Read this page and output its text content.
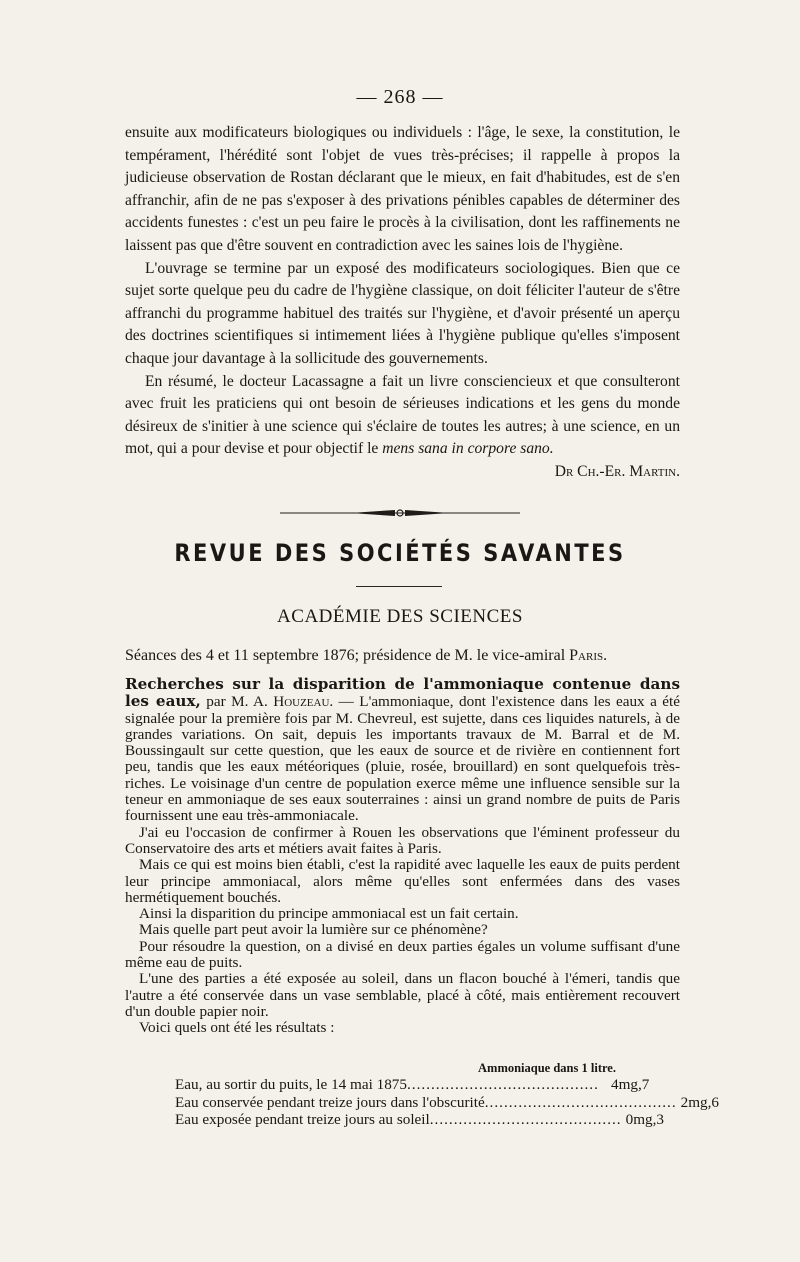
— 268 —

ensuite aux modificateurs biologiques ou individuels : l'âge, le sexe, la constitution, le tempérament, l'hérédité sont l'objet de vues très-précises; il rappelle à propos la judicieuse observation de Rostan déclarant que le mieux, en fait d'habitudes, est de s'en affranchir, afin de ne pas s'exposer à des privations pénibles capables de déterminer des accidents funestes : c'est un peu faire le procès à la civilisation, dont les raffinements ne laissent pas que d'être souvent en contradiction avec les saines lois de l'hygiène.

L'ouvrage se termine par un exposé des modificateurs sociologiques. Bien que ce sujet sorte quelque peu du cadre de l'hygiène classique, on doit féliciter l'auteur de s'être affranchi du programme habituel des traités sur l'hygiène, et d'avoir présenté un aperçu des doctrines scientifiques si intimement liées à l'hygiène publique qu'elles s'imposent chaque jour davantage à la sollicitude des gouvernements.

En résumé, le docteur Lacassagne a fait un livre consciencieux et que consulteront avec fruit les praticiens qui ont besoin de sérieuses indications et les gens du monde désireux de s'initier à une science qui s'éclaire de toutes les autres; à une science, en un mot, qui a pour devise et pour objectif le mens sana in corpore sano.
Dr Ch.-Er. Martin.

REVUE DES SOCIÉTÉS SAVANTES
ACADÉMIE DES SCIENCES
Séances des 4 et 11 septembre 1876; présidence de M. le vice-amiral Paris.

Recherches sur la disparition de l'ammoniaque contenue dans les eaux, par M. A. Houzeau. — L'ammoniaque, dont l'existence dans les eaux a été signalée pour la première fois par M. Chevreul, est sujette, dans ces liquides naturels, à de grandes variations. On sait, depuis les importants travaux de M. Barral et de M. Boussingault sur cette question, que les eaux de source et de rivière en contiennent fort peu, tandis que les eaux météoriques (pluie, rosée, brouillard) en sont quelquefois très-riches. Le voisinage d'un centre de population exerce même une influence sensible sur la teneur en ammoniaque de ses eaux souterraines : ainsi un grand nombre de puits de Paris fournissent une eau très-ammoniacale.

J'ai eu l'occasion de confirmer à Rouen les observations que l'éminent professeur du Conservatoire des arts et métiers avait faites à Paris.

Mais ce qui est moins bien établi, c'est la rapidité avec laquelle les eaux de puits perdent leur principe ammoniacal, alors même qu'elles sont enfermées dans des vases hermétiquement bouchés.

Ainsi la disparition du principe ammoniacal est un fait certain.

Mais quelle part peut avoir la lumière sur ce phénomène?

Pour résoudre la question, on a divisé en deux parties égales un volume suffisant d'une même eau de puits.

L'une des parties a été exposée au soleil, dans un flacon bouché à l'émeri, tandis que l'autre a été conservée dans un vase semblable, placé à côté, mais entièrement recouvert d'un double papier noir.

Voici quels ont été les résultats :

Ammoniaque dans 1 litre.
Eau, au sortir du puits, le 14 mai 1875 ........................................ 4mg,7
Eau conservée pendant treize jours dans l'obscurité ........................................ 2mg,6
Eau exposée pendant treize jours au soleil ........................................ 0mg,3
